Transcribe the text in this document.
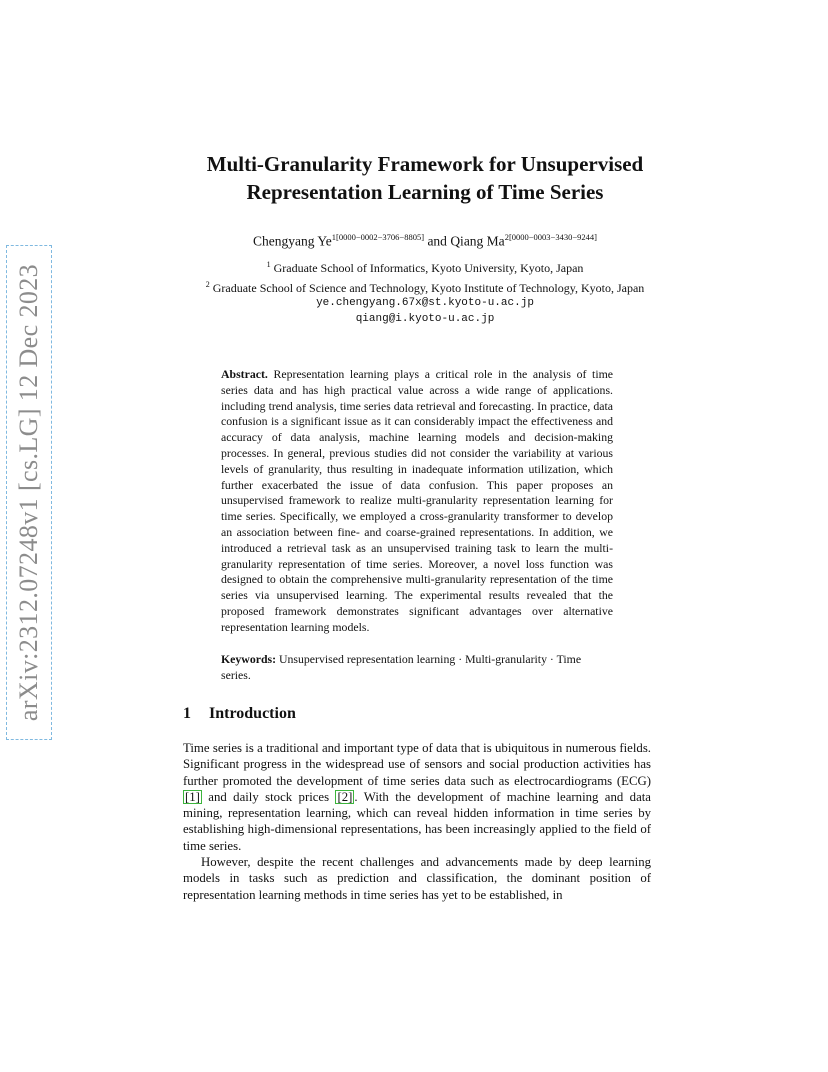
arXiv:2312.07248v1 [cs.LG] 12 Dec 2023
Multi-Granularity Framework for Unsupervised
Representation Learning of Time Series
Chengyang $Ye^{1[0000-0002-3706-8805]}$ and Qiang $Ma^{2[0000-0003-3430-9244]}$
$^1$ Graduate School of Informatics, Kyoto University, Kyoto, Japan
$^2$ Graduate School of Science and Technology, Kyoto Institute of Technology, Kyoto, Japan
ye.chengyang.67x@st.kyoto-u.ac.jp
qiang@i.kyoto-u.ac.jp
Abstract. Representation learning plays a critical role in the analysis of time series data and has high practical value across a wide range of applications. including trend analysis, time series data retrieval and forecasting. In practice, data confusion is a significant issue as it can considerably impact the effectiveness and accuracy of data analysis, machine learning models and decision-making processes. In general, previous studies did not consider the variability at various levels of granularity, thus resulting in inadequate information utilization, which further exacerbated the issue of data confusion. This paper proposes an unsupervised framework to realize multi-granularity representation learning for time series. Specifically, we employed a cross-granularity transformer to develop an association between fine- and coarse-grained representations. In addition, we introduced a retrieval task as an unsupervised training task to learn the multi-granularity representation of time series. Moreover, a novel loss function was designed to obtain the comprehensive multi-granularity representation of the time series via unsupervised learning. The experimental results revealed that the proposed framework demonstrates significant advantages over alternative representation learning models.
Keywords: Unsupervised representation learning · Multi-granularity · Time series.
1 Introduction

Time series is a traditional and important type of data that is ubiquitous in numerous fields. Significant progress in the widespread use of sensors and social production activities has further promoted the development of time series data such as electrocardiograms (ECG) [1] and daily stock prices [2] . With the development of machine learning and data mining, representation learning, which can reveal hidden information in time series by establishing high-dimensional representations, has been increasingly applied to the field of time series.

However, despite the recent challenges and advancements made by deep learning models in tasks such as prediction and classification, the dominant position of representation learning methods in time series has yet to be established, in
